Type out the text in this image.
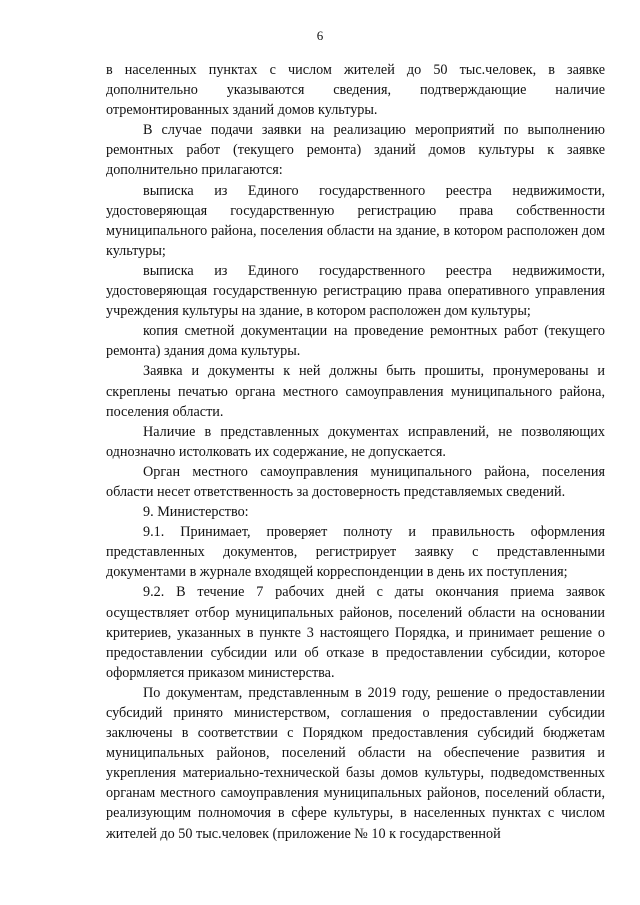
6

в населенных пунктах с числом жителей до 50 тыс.человек, в заявке дополнительно указываются сведения, подтверждающие наличие отремонтированных зданий домов культуры.

В случае подачи заявки на реализацию мероприятий по выполнению ремонтных работ (текущего ремонта) зданий домов культуры к заявке дополнительно прилагаются:

выписка из Единого государственного реестра недвижимости, удостоверяющая государственную регистрацию права собственности муниципального района, поселения области на здание, в котором расположен дом культуры;

выписка из Единого государственного реестра недвижимости, удостоверяющая государственную регистрацию права оперативного управления учреждения культуры на здание, в котором расположен дом культуры;

копия сметной документации на проведение ремонтных работ (текущего ремонта) здания дома культуры.

Заявка и документы к ней должны быть прошиты, пронумерованы и скреплены печатью органа местного самоуправления муниципального района, поселения области.

Наличие в представленных документах исправлений, не позволяющих однозначно истолковать их содержание, не допускается.

Орган местного самоуправления муниципального района, поселения области несет ответственность за достоверность представляемых сведений.

9. Министерство:

9.1. Принимает, проверяет полноту и правильность оформления представленных документов, регистрирует заявку с представленными документами в журнале входящей корреспонденции в день их поступления;

9.2. В течение 7 рабочих дней с даты окончания приема заявок осуществляет отбор муниципальных районов, поселений области на основании критериев, указанных в пункте 3 настоящего Порядка, и принимает решение о предоставлении субсидии или об отказе в предоставлении субсидии, которое оформляется приказом министерства.

По документам, представленным в 2019 году, решение о предоставлении субсидий принято министерством, соглашения о предоставлении субсидии заключены в соответствии с Порядком предоставления субсидий бюджетам муниципальных районов, поселений области на обеспечение развития и укрепления материально-технической базы домов культуры, подведомственных органам местного самоуправления муниципальных районов, поселений области, реализующим полномочия в сфере культуры, в населенных пунктах с числом жителей до 50 тыс.человек (приложение № 10 к государственной
